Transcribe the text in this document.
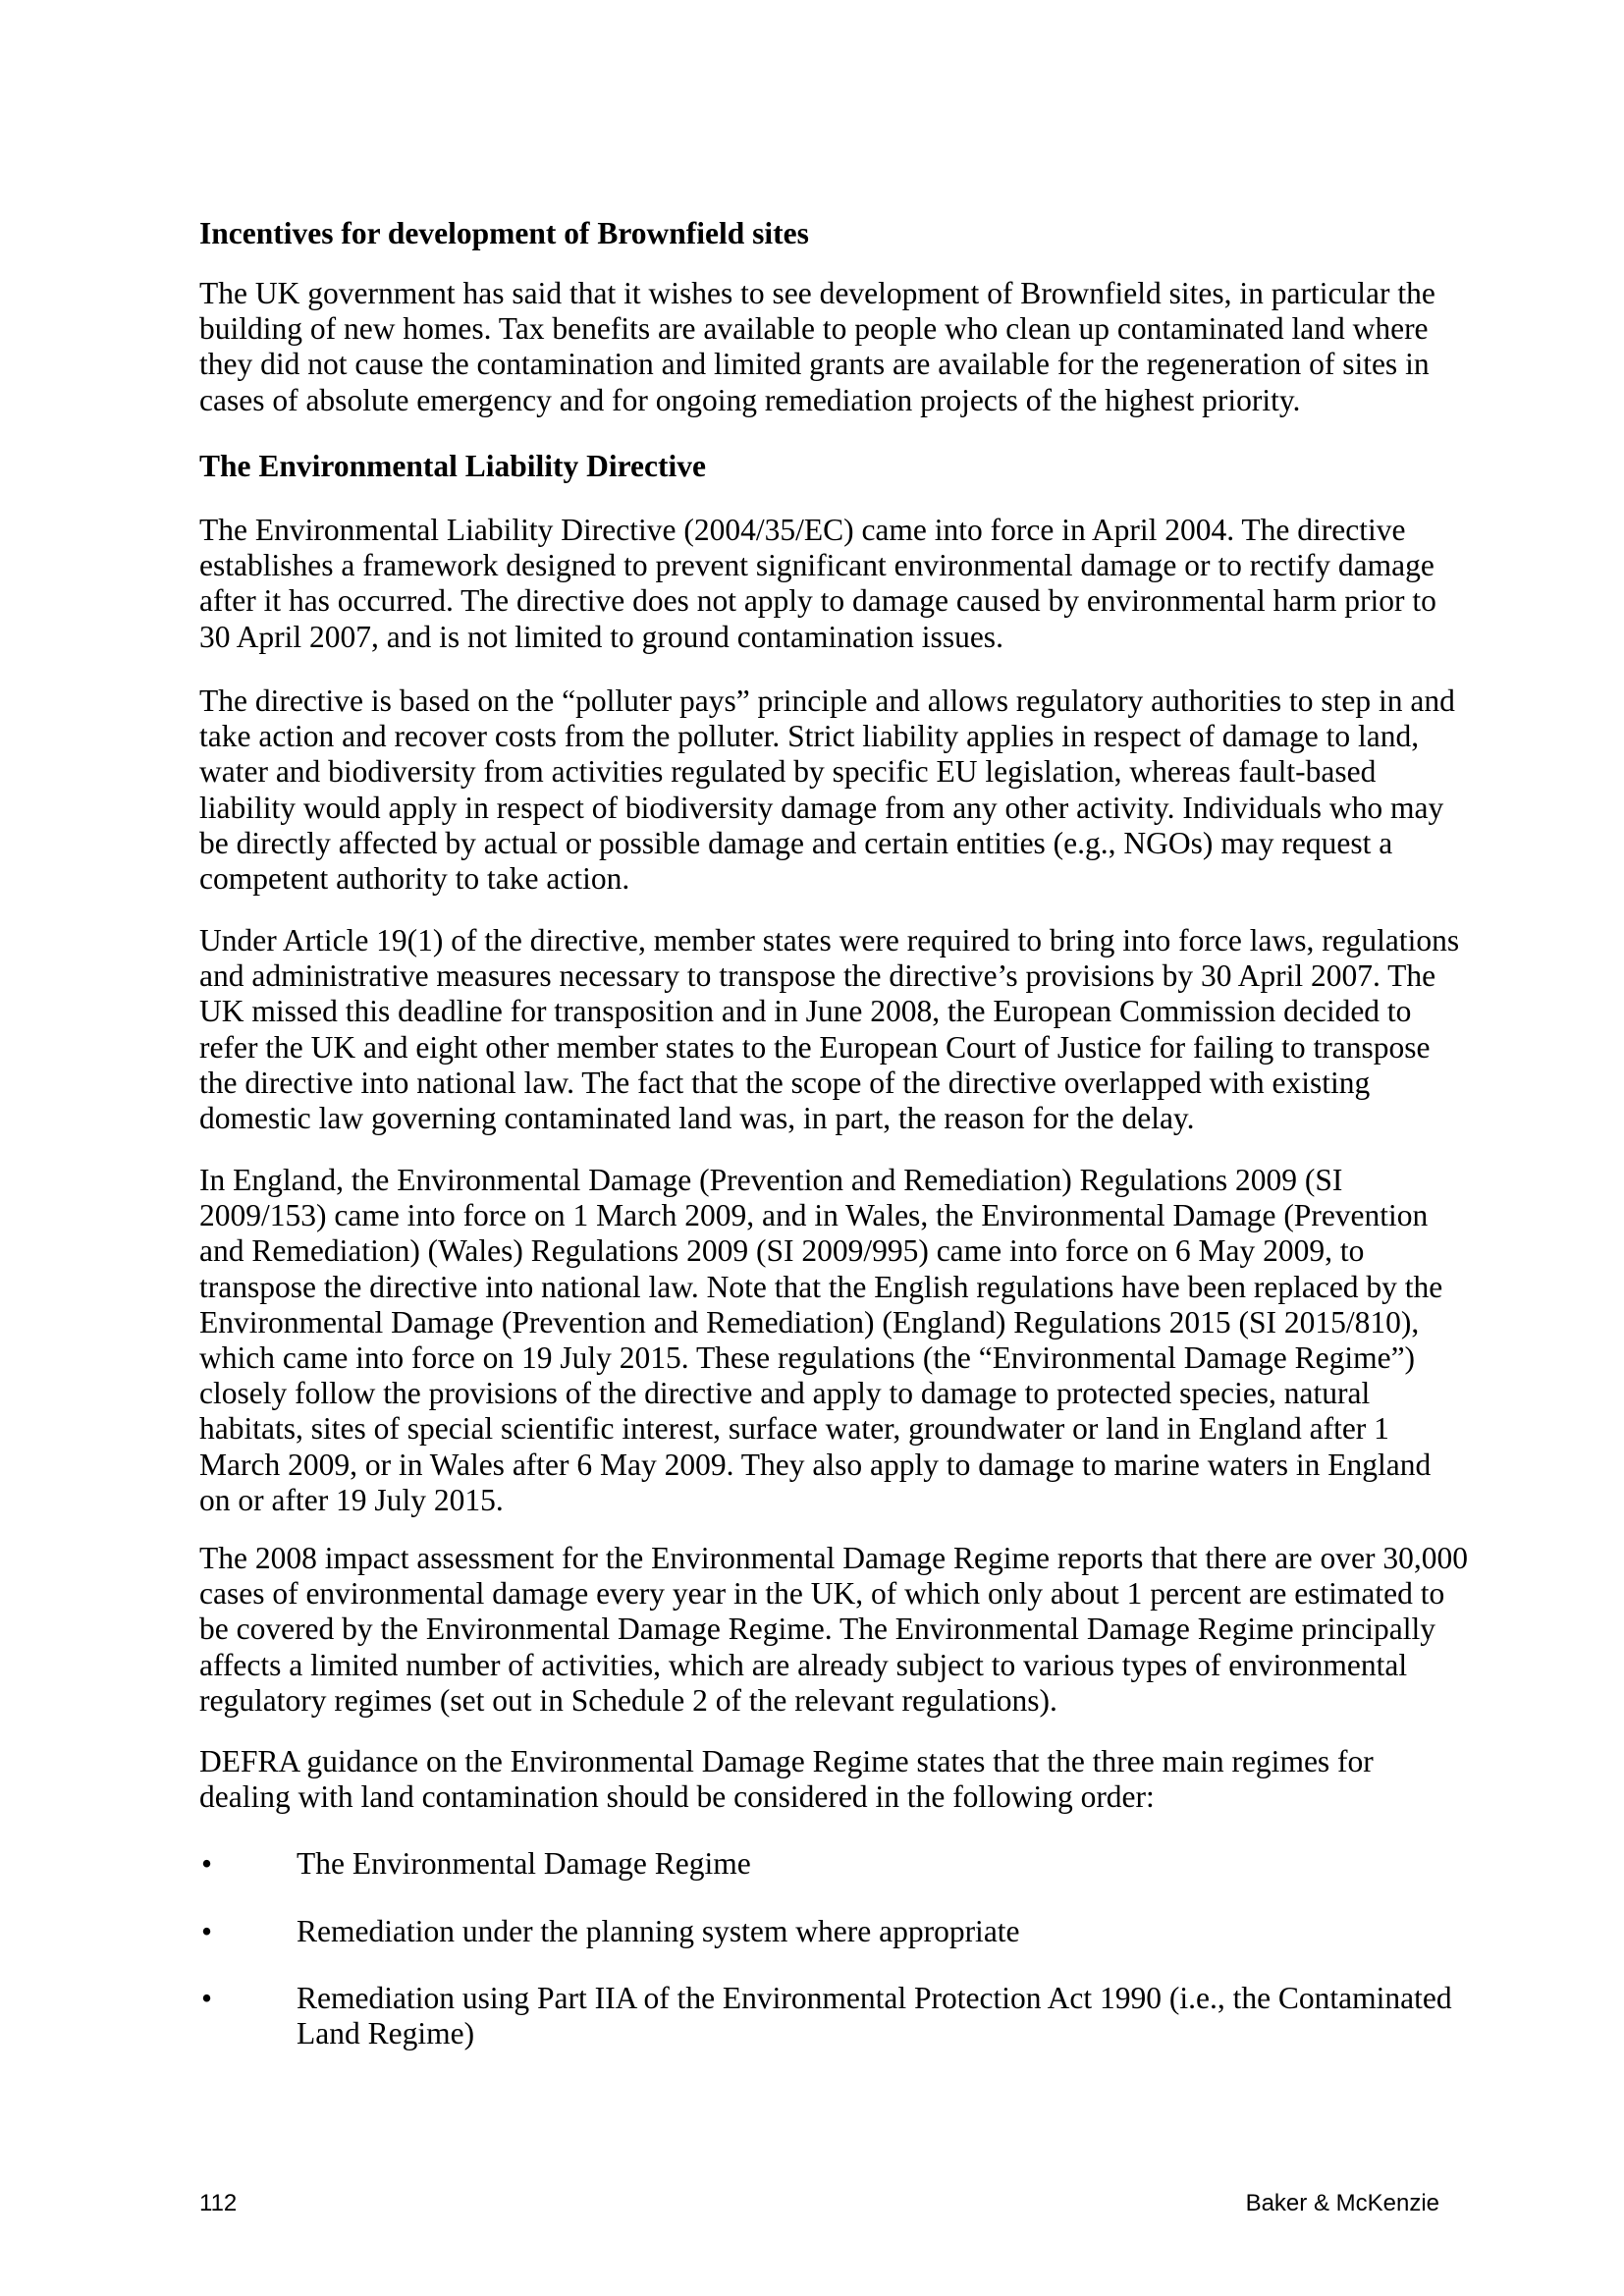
Incentives for development of Brownfield sites
The UK government has said that it wishes to see development of Brownfield sites, in particular the
building of new homes. Tax benefits are available to people who clean up contaminated land where
they did not cause the contamination and limited grants are available for the regeneration of sites in
cases of absolute emergency and for ongoing remediation projects of the highest priority.
The Environmental Liability Directive
The Environmental Liability Directive (2004/35/EC) came into force in April 2004. The directive
establishes a framework designed to prevent significant environmental damage or to rectify damage
after it has occurred. The directive does not apply to damage caused by environmental harm prior to
30 April 2007, and is not limited to ground contamination issues.
The directive is based on the “polluter pays” principle and allows regulatory authorities to step in and
take action and recover costs from the polluter. Strict liability applies in respect of damage to land,
water and biodiversity from activities regulated by specific EU legislation, whereas fault-based
liability would apply in respect of biodiversity damage from any other activity. Individuals who may
be directly affected by actual or possible damage and certain entities (e.g., NGOs) may request a
competent authority to take action.
Under Article 19(1) of the directive, member states were required to bring into force laws, regulations
and administrative measures necessary to transpose the directive’s provisions by 30 April 2007. The
UK missed this deadline for transposition and in June 2008, the European Commission decided to
refer the UK and eight other member states to the European Court of Justice for failing to transpose
the directive into national law. The fact that the scope of the directive overlapped with existing
domestic law governing contaminated land was, in part, the reason for the delay.
In England, the Environmental Damage (Prevention and Remediation) Regulations 2009 (SI
2009/153) came into force on 1 March 2009, and in Wales, the Environmental Damage (Prevention
and Remediation) (Wales) Regulations 2009 (SI 2009/995) came into force on 6 May 2009, to
transpose the directive into national law. Note that the English regulations have been replaced by the
Environmental Damage (Prevention and Remediation) (England) Regulations 2015 (SI 2015/810),
which came into force on 19 July 2015. These regulations (the “Environmental Damage Regime”)
closely follow the provisions of the directive and apply to damage to protected species, natural
habitats, sites of special scientific interest, surface water, groundwater or land in England after 1
March 2009, or in Wales after 6 May 2009. They also apply to damage to marine waters in England
on or after 19 July 2015.
The 2008 impact assessment for the Environmental Damage Regime reports that there are over 30,000
cases of environmental damage every year in the UK, of which only about 1 percent are estimated to
be covered by the Environmental Damage Regime. The Environmental Damage Regime principally
affects a limited number of activities, which are already subject to various types of environmental
regulatory regimes (set out in Schedule 2 of the relevant regulations).
DEFRA guidance on the Environmental Damage Regime states that the three main regimes for
dealing with land contamination should be considered in the following order:
•	The Environmental Damage Regime
•	Remediation under the planning system where appropriate
•	Remediation using Part IIA of the Environmental Protection Act 1990 (i.e., the Contaminated
Land Regime)
112	Baker & McKenzie
